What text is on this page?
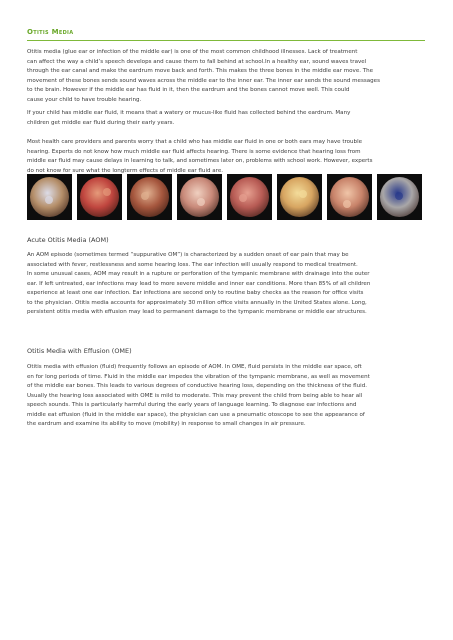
Otitis Media
Otitis media (glue ear or infection of the middle ear) is one of the most common childhood illnesses. Lack of treatment
can affect the way a child’s speech develops and cause them to fall behind at school.In a healthy ear, sound waves travel
through the ear canal and make the eardrum move back and forth. This makes the three bones in the middle ear move. The
movement of these bones sends sound waves across the middle ear to the inner ear. The inner ear sends the sound messages
to the brain. However if the middle ear has fluid in it, then the eardrum and the bones cannot move well. This could
cause your child to have trouble hearing.
If your child has middle ear fluid, it means that a watery or mucus-like fluid has collected behind the eardrum. Many
children get middle ear fluid during their early years.
Most health care providers and parents worry that a child who has middle ear fluid in one or both ears may have trouble
hearing. Experts do not know how much middle ear fluid affects hearing. There is some evidence that hearing loss from
middle ear fluid may cause delays in learning to talk, and sometimes later on, problems with school work. However, experts
do not know for sure what the longterm effects of middle ear fluid are.
Acute Otitis Media (AOM)
An AOM episode (sometimes termed “suppurative OM”) is characterized by a sudden onset of ear pain that may be
associated with fever, restlessness and some hearing loss. The ear infection will usually respond to medical treatment.
In some unusual cases, AOM may result in a rupture or perforation of the tympanic membrane with drainage into the outer
ear. If left untreated, ear infections may lead to more severe middle and inner ear conditions. More than 85% of all children
experience at least one ear infection. Ear infections are second only to routine baby checks as the reason for office visits
to the physician. Otitis media accounts for approximately 30 million office visits annually in the United States alone. Long,
persistent otitis media with effusion may lead to permanent damage to the tympanic membrane or middle ear structures.
Otitis Media with Effusion (OME)
Otitis media with effusion (fluid) frequently follows an episode of AOM. In OME, fluid persists in the middle ear space, oft
en for long periods of time. Fluid in the middle ear impedes the vibration of the tympanic membrane, as well as movement
of the middle ear bones. This leads to various degrees of conductive hearing loss, depending on the thickness of the fluid.
Usually the hearing loss associated with OME is mild to moderate. This may prevent the child from being able to hear all
speech sounds. This is particularly harmful during the early years of language learning. To diagnose ear infections and
middle eat effusion (fluid in the middle ear space), the physician can use a pneumatic otoscope to see the appearance of
the eardrum and examine its ability to move (mobility) in response to small changes in air pressure.
